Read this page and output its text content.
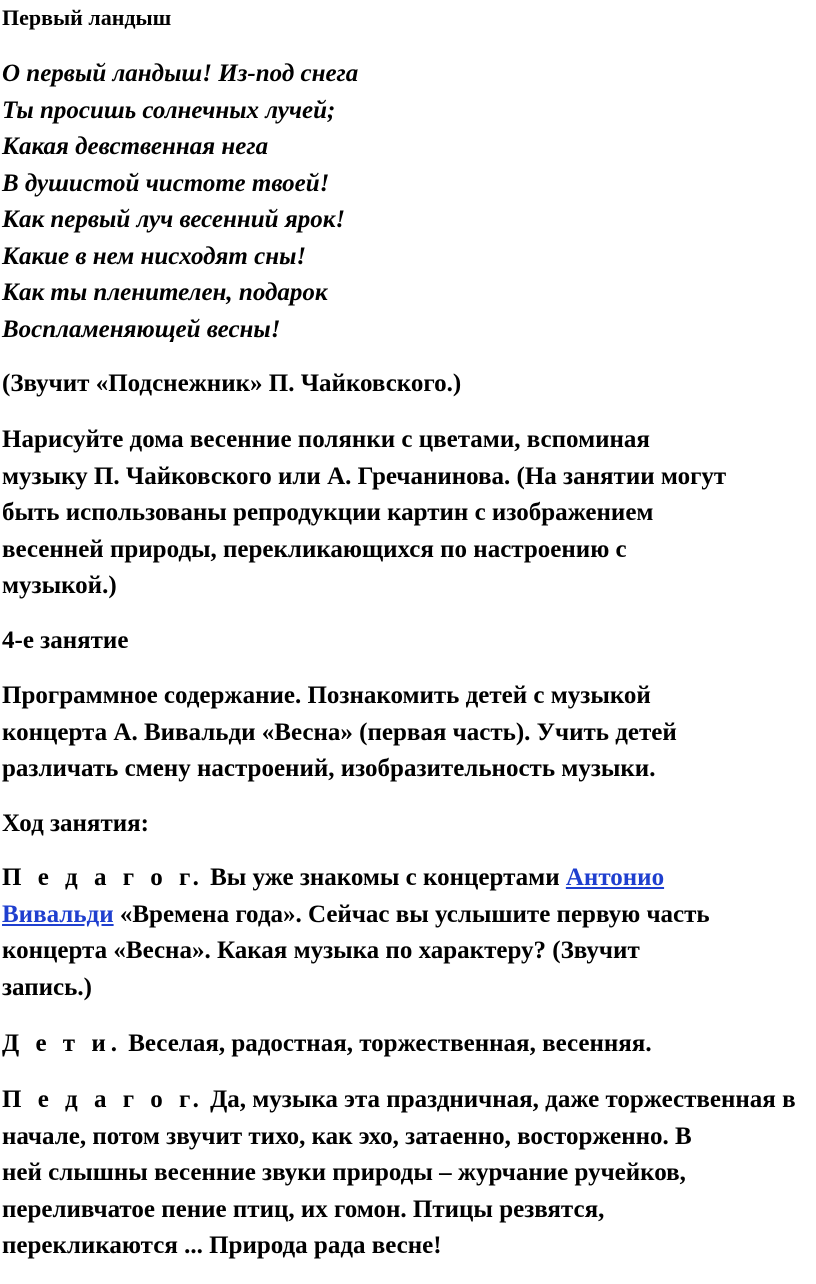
Первый ландыш
О первый ландыш! Из-под снега
Ты просишь солнечных лучей;
Какая девственная нега
В душистой чистоте твоей!
Как первый луч весенний ярок!
Какие в нем нисходят сны!
Как ты пленителен, подарок
Воспламеняющей весны!
(Звучит «Подснежник» П. Чайковского.)
Нарисуйте дома весенние полянки с цветами, вспоминая
музыку П. Чайковского или А. Гречанинова. (На занятии могут
быть использованы репродукции картин с изображением
весенней природы, перекликающихся по настроению с
музыкой.)
4-е занятие
Программное содержание. Познакомить детей с музыкой
концерта А. Вивальди «Весна» (первая часть). Учить детей
различать смену настроений, изобразительность музыки.
Ход занятия:
П е д а г о г. Вы уже знакомы с концертами Антонио
Вивальди «Времена года». Сейчас вы услышите первую часть
концерта «Весна». Какая музыка по характеру? (Звучит
запись.)
Д е т и. Веселая, радостная, торжественная, весенняя.
П е д а г о г. Да, музыка эта праздничная, даже торжественная в
начале, потом звучит тихо, как эхо, затаенно, восторженно. В
ней слышны весенние звуки природы – журчание ручейков,
переливчатое пение птиц, их гомон. Птицы резвятся,
перекликаются ... Природа рада весне!
